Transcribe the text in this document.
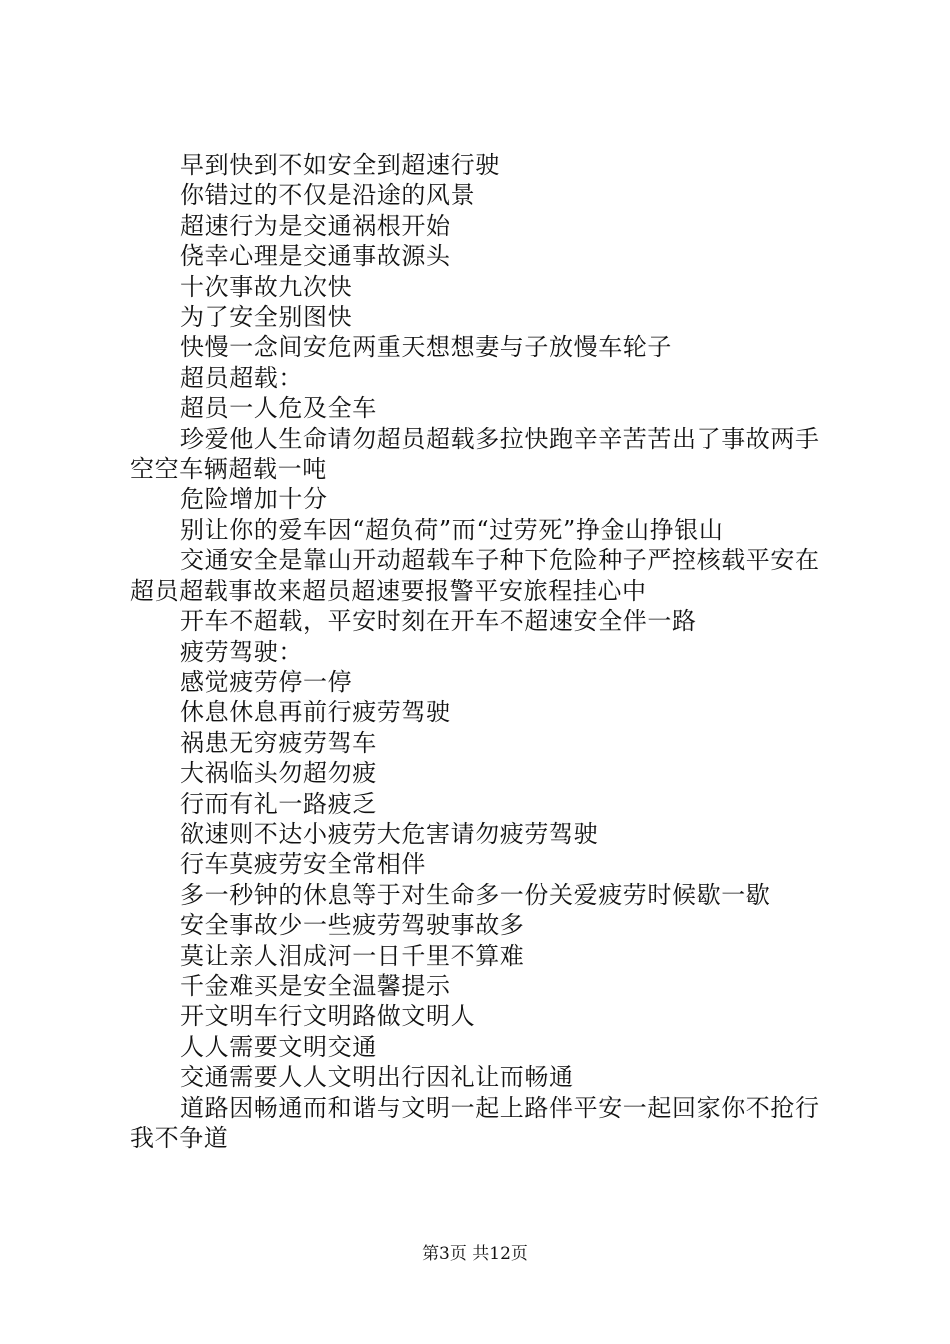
早到快到不如安全到超速行驶

你错过的不仅是沿途的风景

超速行为是交通祸根开始

侥幸心理是交通事故源头

十次事故九次快

为了安全别图快

快慢一念间安危两重天想想妻与子放慢车轮子

超员超载：

超员一人危及全车

珍爱他人生命请勿超员超载多拉快跑辛辛苦苦出了事故两手空空车辆超载一吨

危险增加十分

别让你的爱车因“超负荷”而“过劳死”挣金山挣银山

交通安全是靠山开动超载车子种下危险种子严控核载平安在超员超载事故来超员超速要报警平安旅程挂心中

开车不超载，平安时刻在开车不超速安全伴一路

疲劳驾驶：

感觉疲劳停一停

休息休息再前行疲劳驾驶

祸患无穷疲劳驾车

大祸临头勿超勿疲

行而有礼一路疲乏

欲速则不达小疲劳大危害请勿疲劳驾驶

行车莫疲劳安全常相伴

多一秒钟的休息等于对生命多一份关爱疲劳时候歇一歇

安全事故少一些疲劳驾驶事故多

莫让亲人泪成河一日千里不算难

千金难买是安全温馨提示

开文明车行文明路做文明人

人人需要文明交通

交通需要人人文明出行因礼让而畅通

道路因畅通而和谐与文明一起上路伴平安一起回家你不抢行我不争道

第3页 共12页
